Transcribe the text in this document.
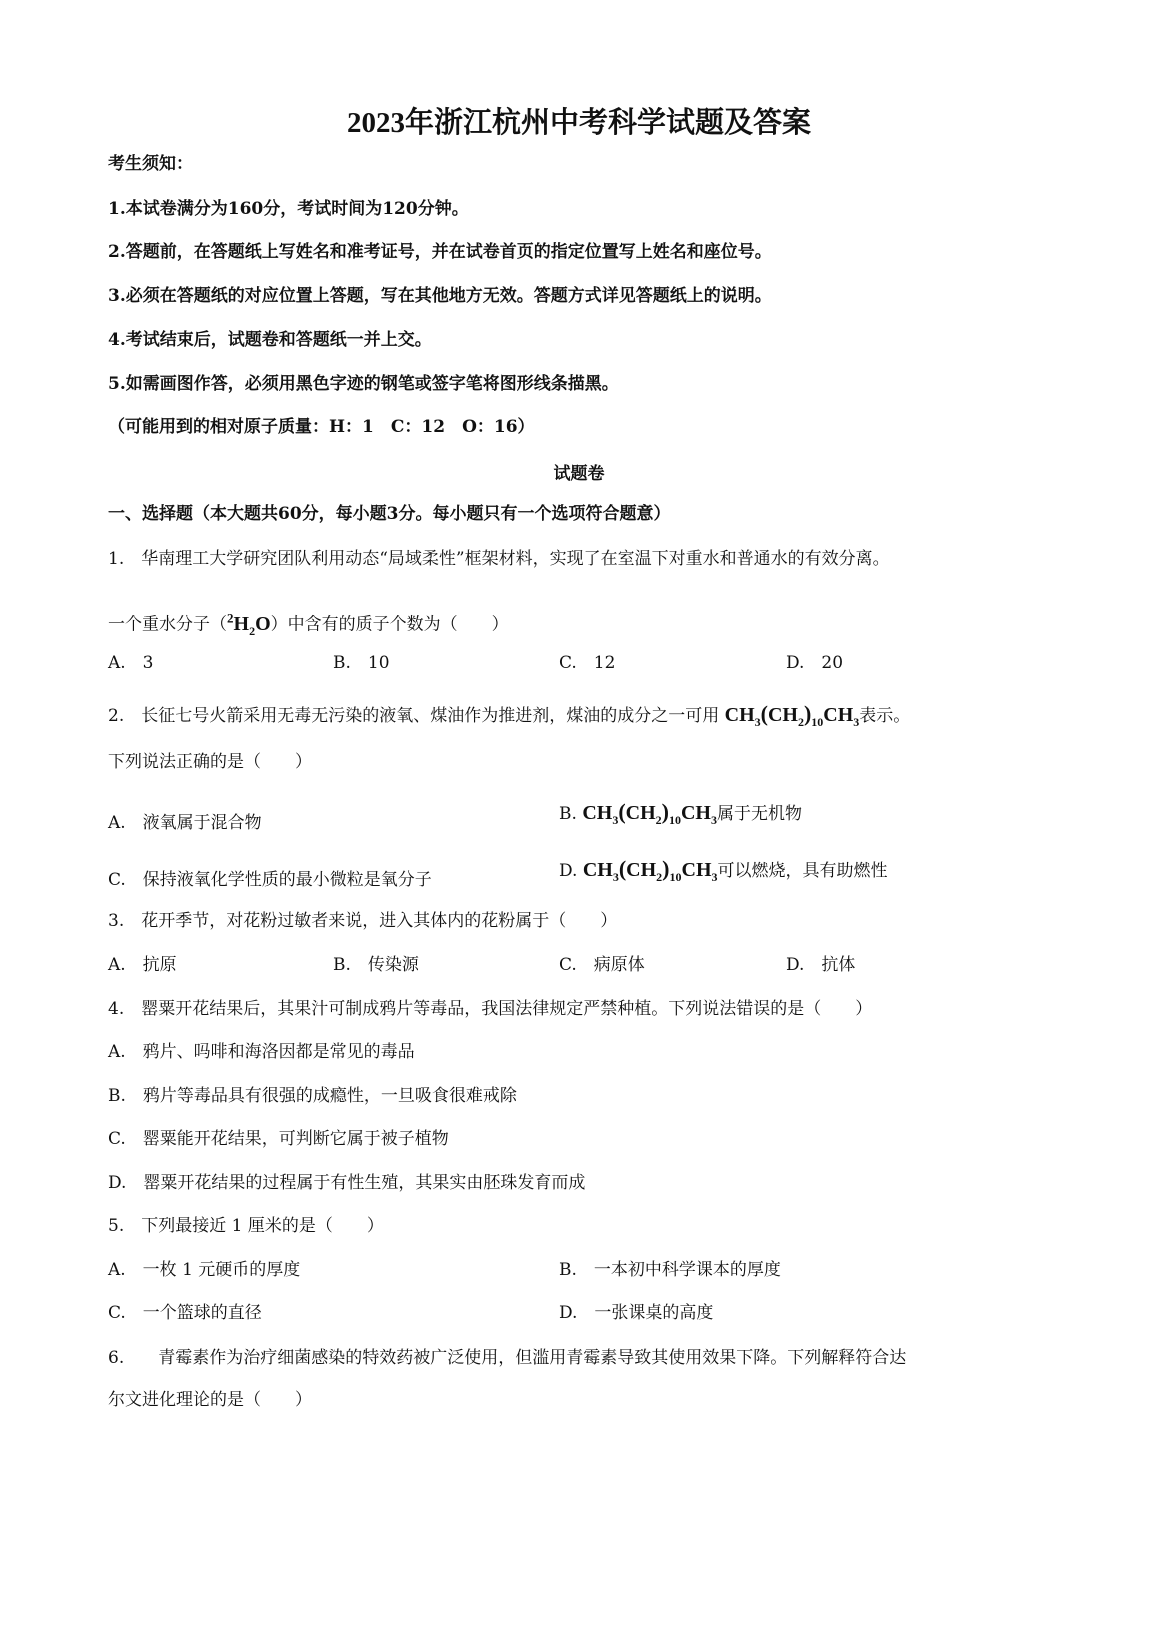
2023年浙江杭州中考科学试题及答案
考生须知：
1.本试卷满分为160分，考试时间为120分钟。
2.答题前，在答题纸上写姓名和准考证号，并在试卷首页的指定位置写上姓名和座位号。
3.必须在答题纸的对应位置上答题，写在其他地方无效。答题方式详见答题纸上的说明。
4.考试结束后，试题卷和答题纸一并上交。
5.如需画图作答，必须用黑色字迹的钢笔或签字笔将图形线条描黑。
（可能用到的相对原子质量：H：1　C：12　O：16）
试题卷
一、选择题（本大题共60分，每小题3分。每小题只有一个选项符合题意）
1.　华南理工大学研究团队利用动态“局域柔性”框架材料，实现了在室温下对重水和普通水的有效分离。
一个重水分子$(^2H_2O)$中含有的质子个数为（　　）
A.　3	B.　10	C.　12	D.　20
2.　长征七号火箭采用无毒无污染的液氧、煤油作为推进剂，煤油的成分之一可用 $CH_3(CH_2)_{10}CH_3$表示。
下列说法正确的是（　　）
A.　液氧属于混合物	B. $CH_3(CH_2)_{10}CH_3$属于无机物
C.　保持液氧化学性质的最小微粒是氧分子	D. $CH_3(CH_2)_{10}CH_3$可以燃烧，具有助燃性
3.　花开季节，对花粉过敏者来说，进入其体内的花粉属于（　　）
A.　抗原	B.　传染源	C.　病原体	D.　抗体
4.　罂粟开花结果后，其果汁可制成鸦片等毒品，我国法律规定严禁种植。下列说法错误的是（　　）
A.　鸦片、吗啡和海洛因都是常见的毒品
B.　鸦片等毒品具有很强的成瘾性，一旦吸食很难戒除
C.　罂粟能开花结果，可判断它属于被子植物
D.　罂粟开花结果的过程属于有性生殖，其果实由胚珠发育而成
5.　下列最接近 1 厘米的是（　　）
A.　一枚 1 元硬币的厚度	B.　一本初中科学课本的厚度
C.　一个篮球的直径	D.　一张课桌的高度
6.　　青霉素作为治疗细菌感染的特效药被广泛使用，但滥用青霉素导致其使用效果下降。下列解释符合达
尔文进化理论的是（　　）
